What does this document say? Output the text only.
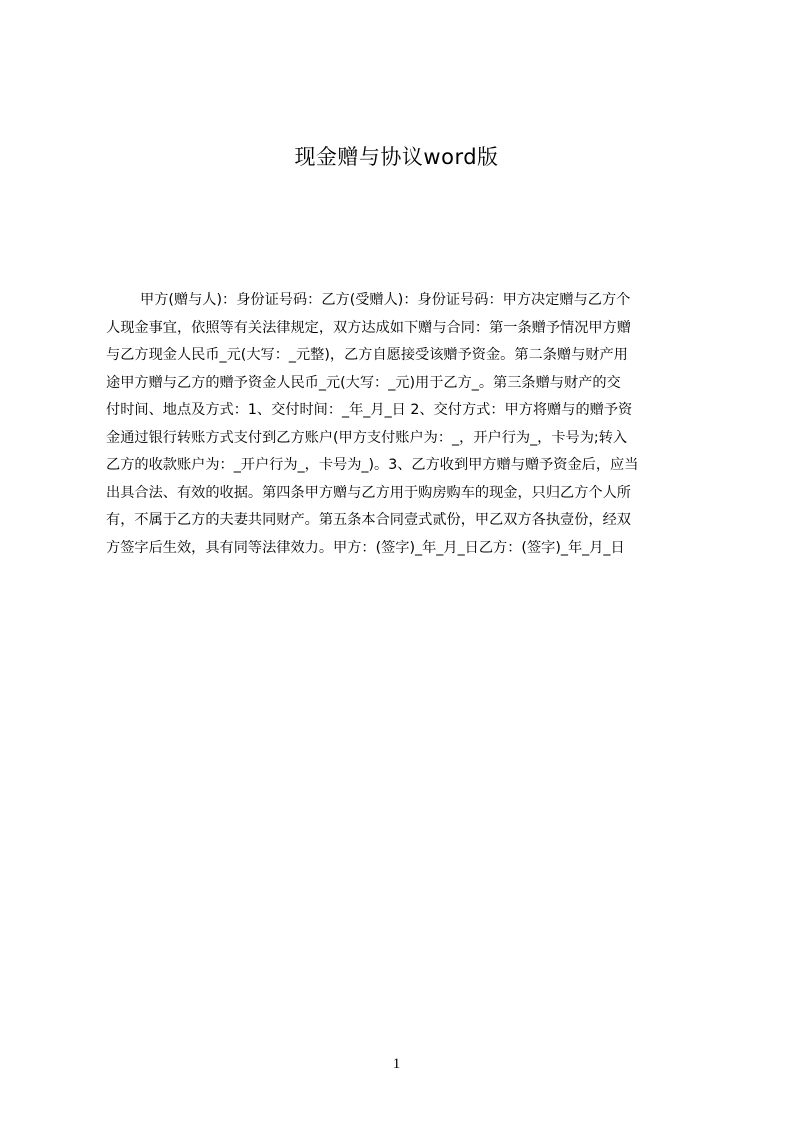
现金赠与协议word版
甲方(赠与人)：身份证号码：乙方(受赠人)：身份证号码：甲方决定赠与乙方个
人现金事宜，依照等有关法律规定，双方达成如下赠与合同：第一条赠予情况甲方赠
与乙方现金人民币_元(大写：_元整)，乙方自愿接受该赠予资金。第二条赠与财产用
途甲方赠与乙方的赠予资金人民币_元(大写：_元)用于乙方_。第三条赠与财产的交
付时间、地点及方式：1、交付时间：_年_月_日 2、交付方式：甲方将赠与的赠予资
金通过银行转账方式支付到乙方账户(甲方支付账户为：_，开户行为_，卡号为;转入
乙方的收款账户为：_开户行为_，卡号为_)。3、乙方收到甲方赠与赠予资金后，应当
出具合法、有效的收据。第四条甲方赠与乙方用于购房购车的现金，只归乙方个人所
有，不属于乙方的夫妻共同财产。第五条本合同壹式贰份，甲乙双方各执壹份，经双
方签字后生效，具有同等法律效力。甲方：(签字)_年_月_日乙方：(签字)_年_月_日
1
